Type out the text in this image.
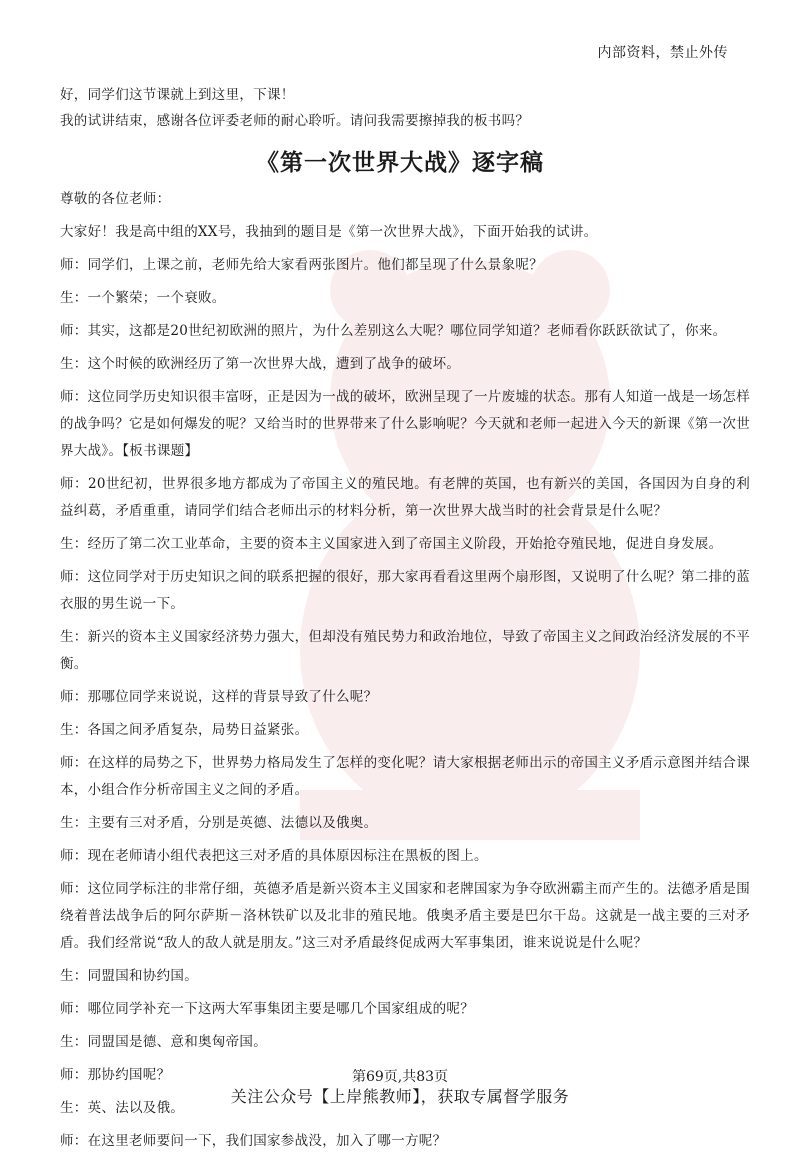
内部资料，禁止外传
好，同学们这节课就上到这里，下课！
我的试讲结束，感谢各位评委老师的耐心聆听。请问我需要擦掉我的板书吗？
《第一次世界大战》逐字稿

尊敬的各位老师：

大家好！我是高中组的XX号，我抽到的题目是《第一次世界大战》，下面开始我的试讲。

师：同学们，上课之前，老师先给大家看两张图片。他们都呈现了什么景象呢？

生：一个繁荣；一个衰败。

师：其实，这都是20世纪初欧洲的照片，为什么差别这么大呢？哪位同学知道？老师看你跃跃欲试了，你来。

生：这个时候的欧洲经历了第一次世界大战，遭到了战争的破坏。

师：这位同学历史知识很丰富呀，正是因为一战的破坏，欧洲呈现了一片废墟的状态。那有人知道一战是一场怎样的战争吗？它是如何爆发的呢？又给当时的世界带来了什么影响呢？今天就和老师一起进入今天的新课《第一次世界大战》。【板书课题】

师：20世纪初，世界很多地方都成为了帝国主义的殖民地。有老牌的英国，也有新兴的美国，各国因为自身的利益纠葛，矛盾重重，请同学们结合老师出示的材料分析，第一次世界大战当时的社会背景是什么呢？

生：经历了第二次工业革命，主要的资本主义国家进入到了帝国主义阶段，开始抢夺殖民地，促进自身发展。

师：这位同学对于历史知识之间的联系把握的很好，那大家再看看这里两个扇形图，又说明了什么呢？第二排的蓝衣服的男生说一下。

生：新兴的资本主义国家经济势力强大，但却没有殖民势力和政治地位，导致了帝国主义之间政治经济发展的不平衡。

师：那哪位同学来说说，这样的背景导致了什么呢？

生：各国之间矛盾复杂，局势日益紧张。

师：在这样的局势之下，世界势力格局发生了怎样的变化呢？请大家根据老师出示的帝国主义矛盾示意图并结合课本，小组合作分析帝国主义之间的矛盾。

生：主要有三对矛盾，分别是英德、法德以及俄奥。

师：现在老师请小组代表把这三对矛盾的具体原因标注在黑板的图上。

师：这位同学标注的非常仔细，英德矛盾是新兴资本主义国家和老牌国家为争夺欧洲霸主而产生的。法德矛盾是围绕着普法战争后的阿尔萨斯－洛林铁矿以及北非的殖民地。俄奥矛盾主要是巴尔干岛。这就是一战主要的三对矛盾。我们经常说“敌人的敌人就是朋友。”这三对矛盾最终促成两大军事集团，谁来说说是什么呢？

生：同盟国和协约国。

师：哪位同学补充一下这两大军事集团主要是哪几个国家组成的呢？

生：同盟国是德、意和奥匈帝国。

师：那协约国呢？

生：英、法以及俄。

师：在这里老师要问一下，我们国家参战没，加入了哪一方呢？

第69页,共83页
关注公众号【上岸熊教师】，获取专属督学服务
